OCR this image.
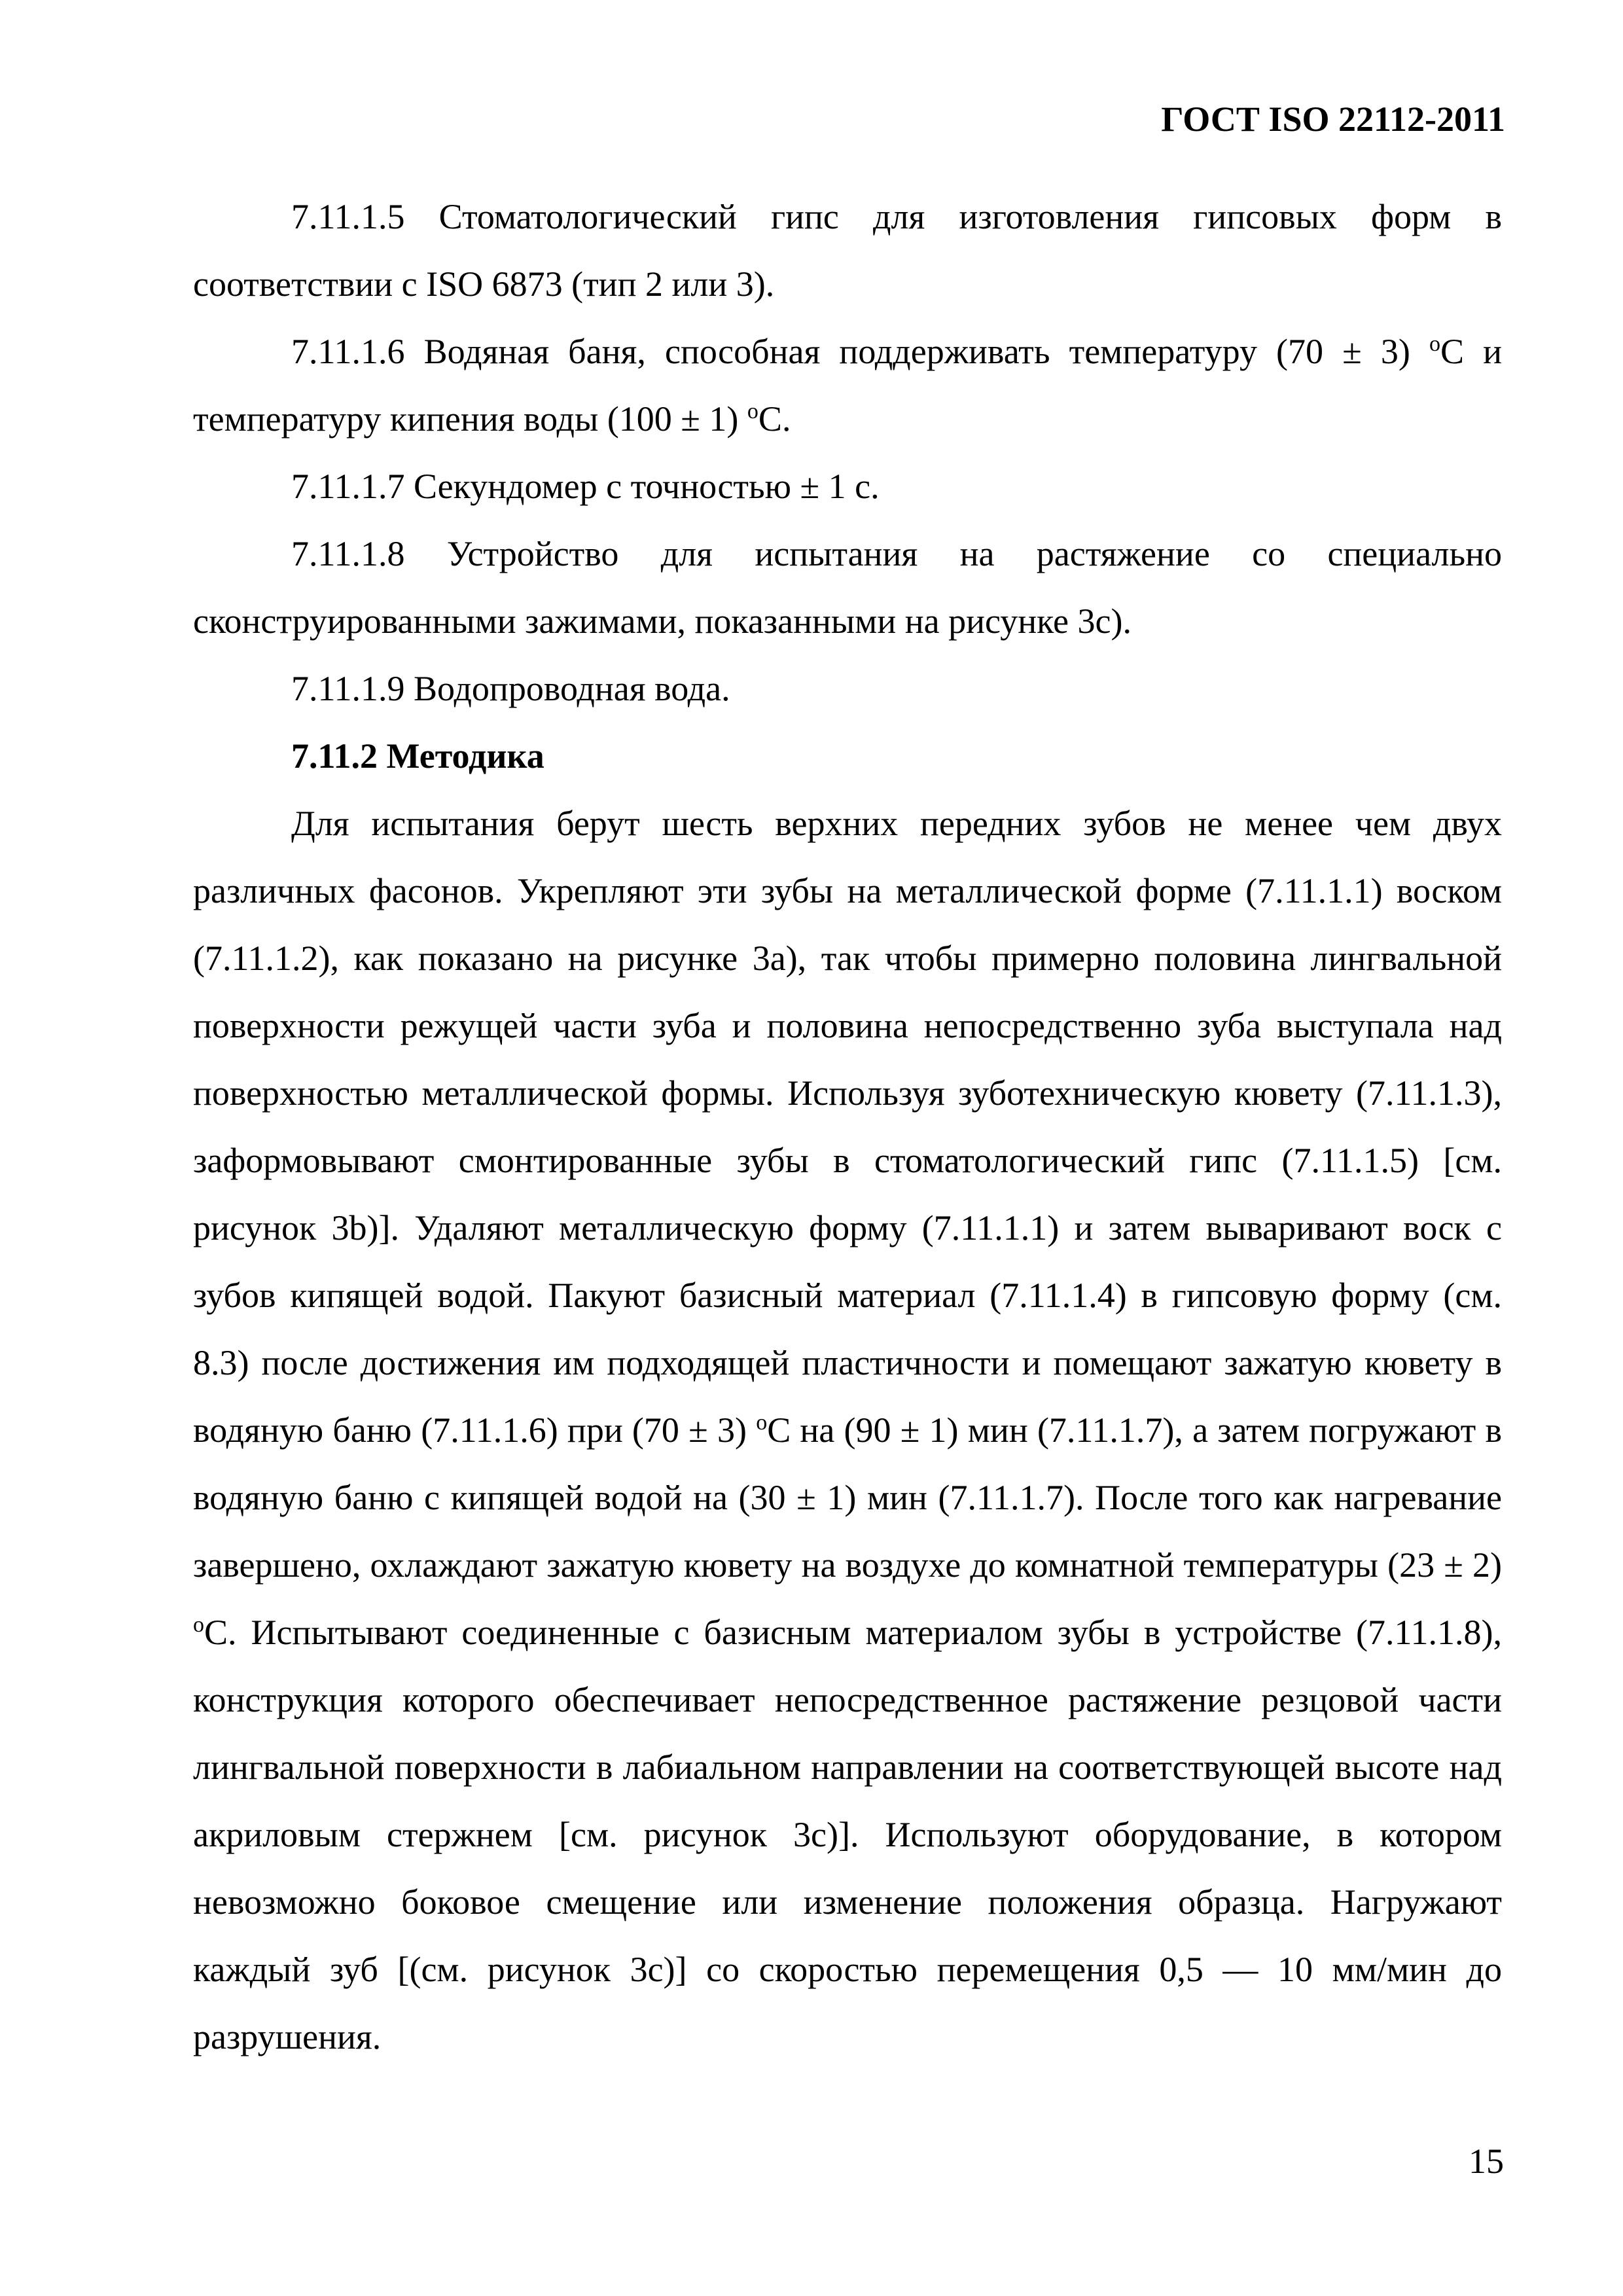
ГОСТ ISO 22112-2011

7.11.1.5 Стоматологический гипс для изготовления гипсовых форм в соответствии с ISO 6873 (тип 2 или 3).

7.11.1.6 Водяная баня, способная поддерживать температуру (70 ± 3) $^o$С и температуру кипения воды (100 ± 1) $^o$С.

7.11.1.7 Секундомер с точностью ± 1 с.

7.11.1.8 Устройство для испытания на растяжение со специально сконструированными зажимами, показанными на рисунке 3c).

7.11.1.9 Водопроводная вода.

7.11.2 Методика

Для испытания берут шесть верхних передних зубов не менее чем двух различных фасонов. Укрепляют эти зубы на металлической форме (7.11.1.1) воском (7.11.1.2), как показано на рисунке 3a), так чтобы примерно половина лингвальной поверхности режущей части зуба и половина непосредственно зуба выступала над поверхностью металлической формы. Используя зуботехническую кювету (7.11.1.3), заформовывают смонтированные зубы в стоматологический гипс (7.11.1.5) [см. рисунок 3b)]. Удаляют металлическую форму (7.11.1.1) и затем вываривают воск с зубов кипящей водой. Пакуют базисный материал (7.11.1.4) в гипсовую форму (см. 8.3) после достижения им подходящей пластичности и помещают зажатую кювету в водяную баню (7.11.1.6) при (70 ± 3) $^o$С на (90 ± 1) мин (7.11.1.7), а затем погружают в водяную баню с кипящей водой на (30 ± 1) мин (7.11.1.7). После того как нагревание завершено, охлаждают зажатую кювету на воздухе до комнатной температуры (23 ± 2) $^o$С. Испытывают соединенные с базисным материалом зубы в устройстве (7.11.1.8), конструкция которого обеспечивает непосредственное растяжение резцовой части лингвальной поверхности в лабиальном направлении на соответствующей высоте над акриловым стержнем [см. рисунок 3c)]. Используют оборудование, в котором невозможно боковое смещение или изменение положения образца. Нагружают каждый зуб [(см. рисунок 3c)] со скоростью перемещения 0,5 — 10 мм/мин до разрушения.

15
